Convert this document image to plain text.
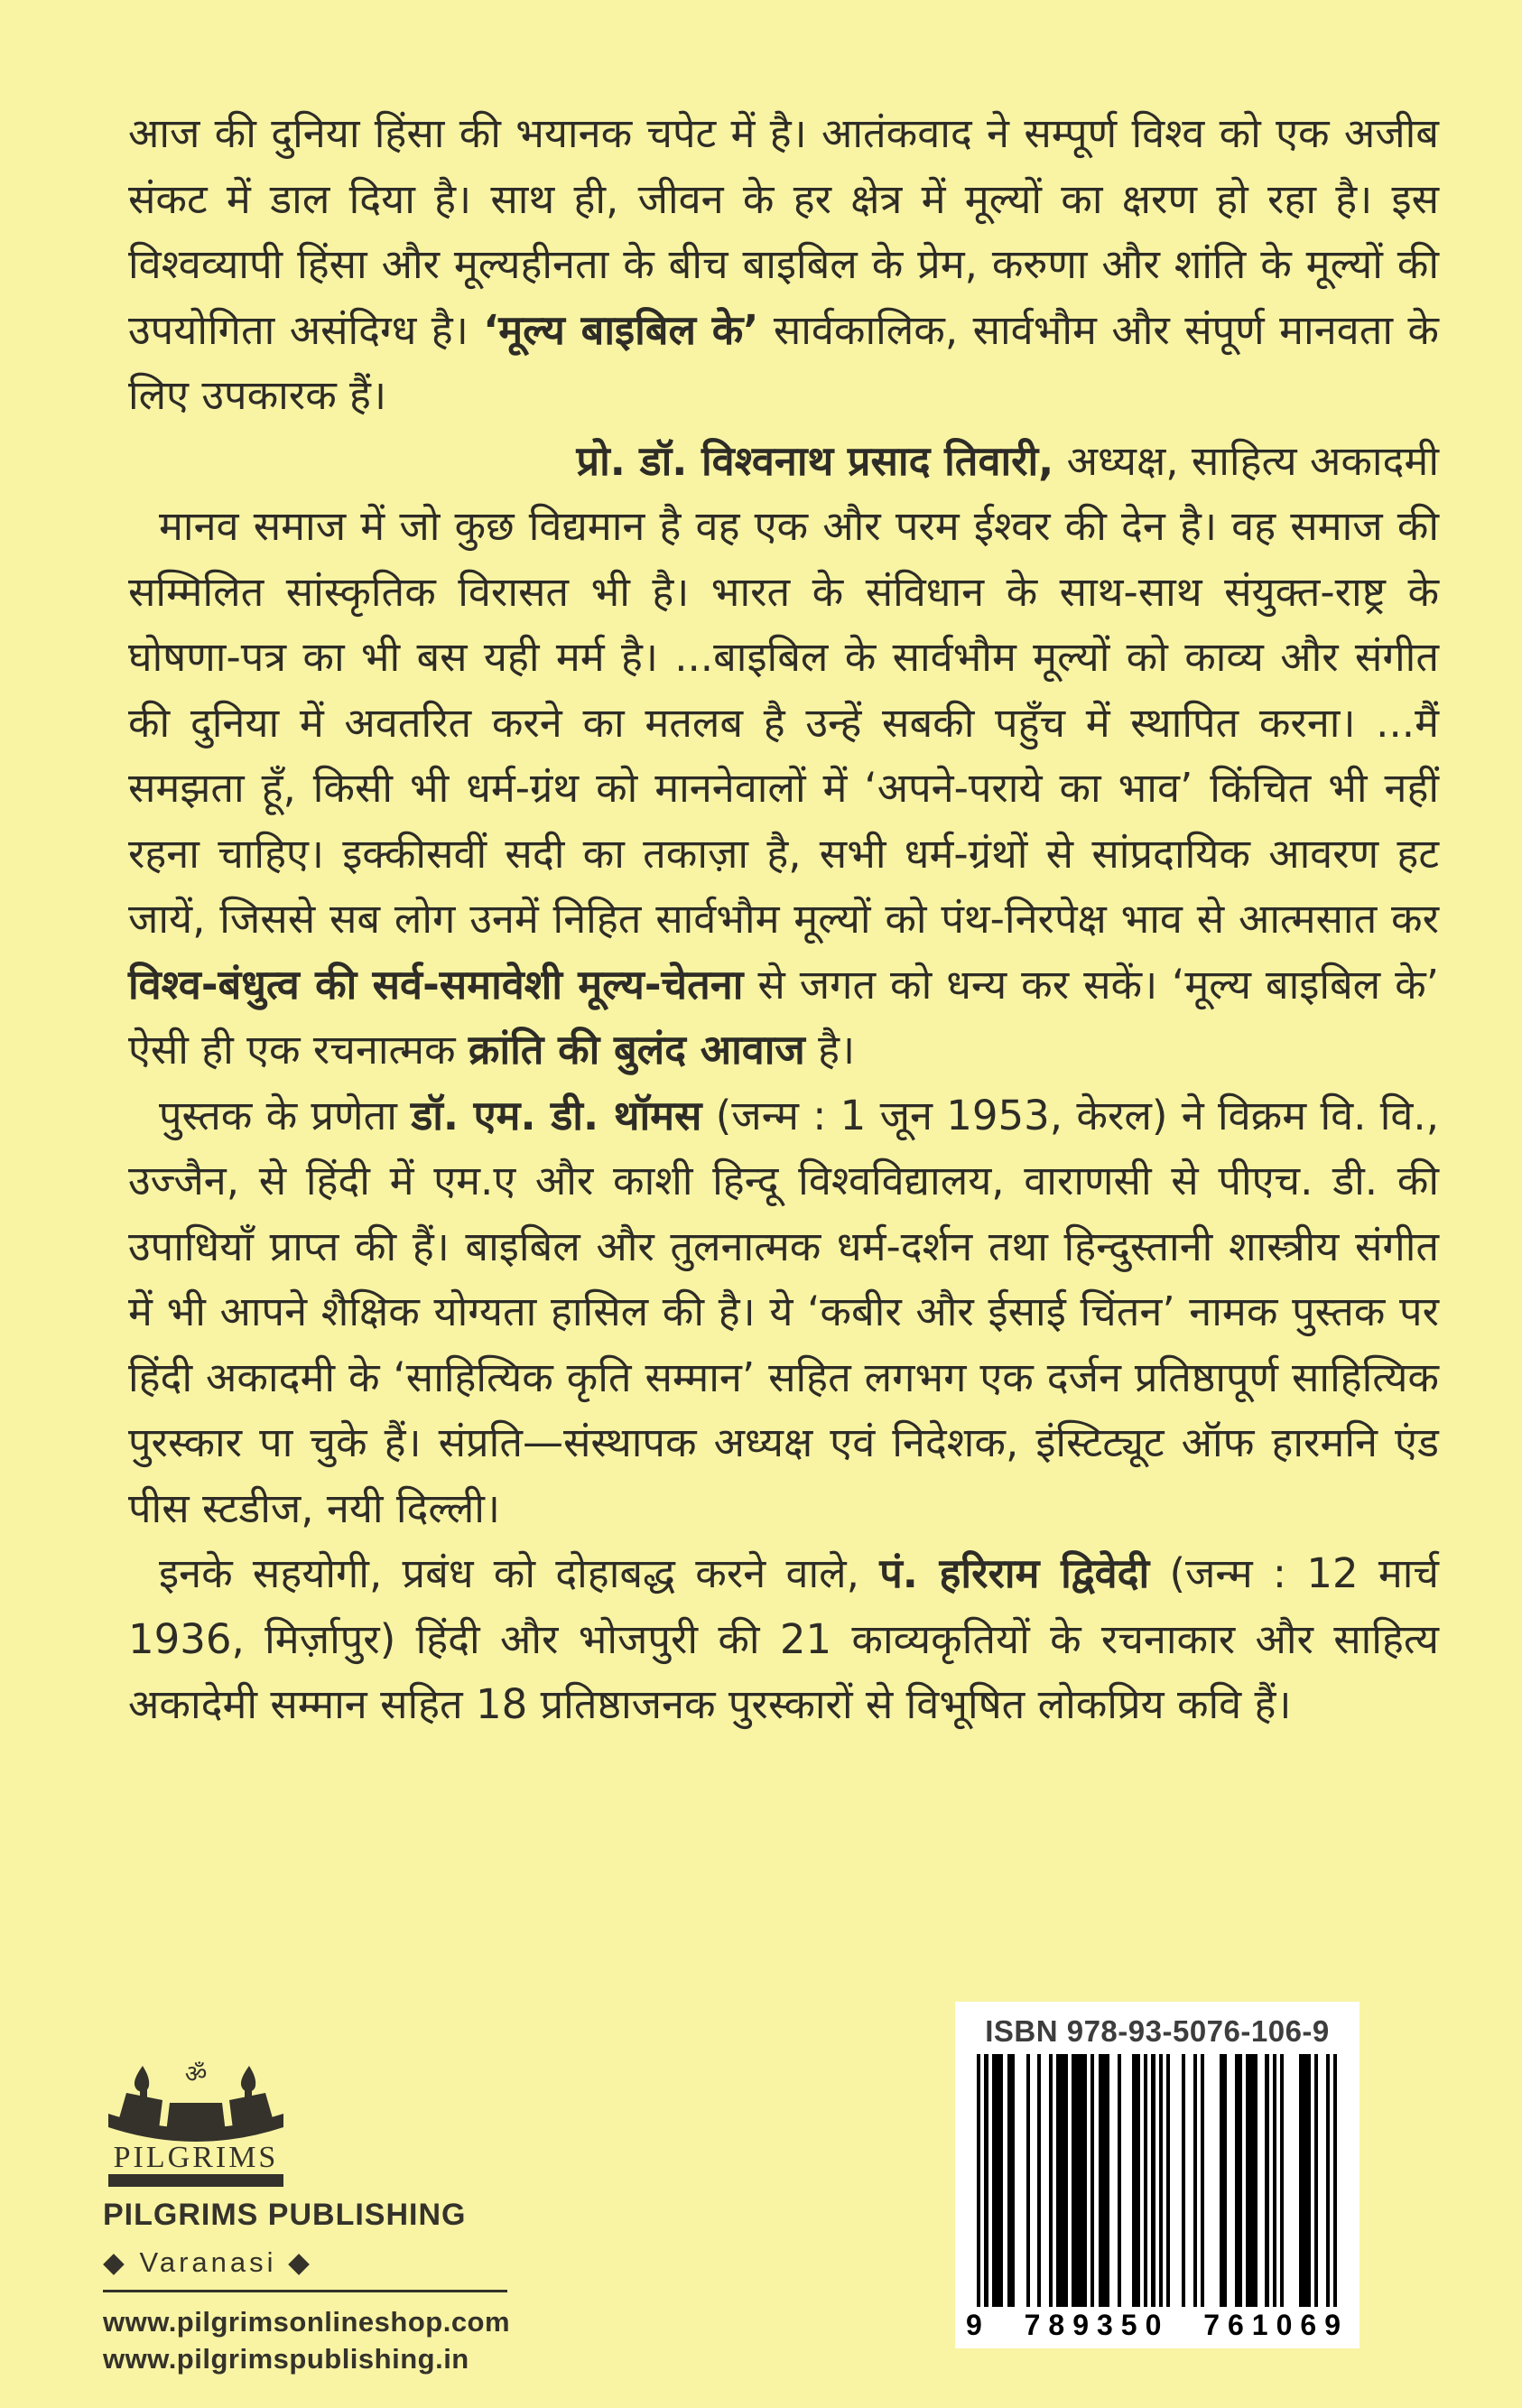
आज की दुनिया हिंसा की भयानक चपेट में है। आतंकवाद ने सम्पूर्ण विश्व को एक अजीब संकट में डाल दिया है। साथ ही, जीवन के हर क्षेत्र में मूल्यों का क्षरण हो रहा है। इस विश्वव्यापी हिंसा और मूल्यहीनता के बीच बाइबिल के प्रेम, करुणा और शांति के मूल्यों की उपयोगिता असंदिग्ध है। ‘मूल्य बाइबिल के’ सार्वकालिक, सार्वभौम और संपूर्ण मानवता के लिए उपकारक हैं।

प्रो. डॉ. विश्वनाथ प्रसाद तिवारी, अध्यक्ष, साहित्य अकादमी

मानव समाज में जो कुछ विद्यमान है वह एक और परम ईश्वर की देन है। वह समाज की सम्मिलित सांस्कृतिक विरासत भी है। भारत के संविधान के साथ-साथ संयुक्त-राष्ट्र के घोषणा-पत्र का भी बस यही मर्म है। ...बाइबिल के सार्वभौम मूल्यों को काव्य और संगीत की दुनिया में अवतरित करने का मतलब है उन्हें सबकी पहुँच में स्थापित करना। ...मैं समझता हूँ, किसी भी धर्म-ग्रंथ को माननेवालों में ‘अपने-पराये का भाव’ किंचित भी नहीं रहना चाहिए। इक्कीसवीं सदी का तकाज़ा है, सभी धर्म-ग्रंथों से सांप्रदायिक आवरण हट जायें, जिससे सब लोग उनमें निहित सार्वभौम मूल्यों को पंथ-निरपेक्ष भाव से आत्मसात कर विश्व-बंधुत्व की सर्व-समावेशी मूल्य-चेतना से जगत को धन्य कर सकें। ‘मूल्य बाइबिल के’ ऐसी ही एक रचनात्मक क्रांति की बुलंद आवाज है।

पुस्तक के प्रणेता डॉ. एम. डी. थॉमस (जन्म : 1 जून 1953, केरल) ने विक्रम वि. वि., उज्जैन, से हिंदी में एम.ए और काशी हिन्दू विश्वविद्यालय, वाराणसी से पीएच. डी. की उपाधियाँ प्राप्त की हैं। बाइबिल और तुलनात्मक धर्म-दर्शन तथा हिन्दुस्तानी शास्त्रीय संगीत में भी आपने शैक्षिक योग्यता हासिल की है। ये ‘कबीर और ईसाई चिंतन’ नामक पुस्तक पर हिंदी अकादमी के ‘साहित्यिक कृति सम्मान’ सहित लगभग एक दर्जन प्रतिष्ठापूर्ण साहित्यिक पुरस्कार पा चुके हैं। संप्रति—संस्थापक अध्यक्ष एवं निदेशक, इंस्टिट्यूट ऑफ हारमनि एंड पीस स्टडीज, नयी दिल्ली।

इनके सहयोगी, प्रबंध को दोहाबद्ध करने वाले, पं. हरिराम द्विवेदी (जन्म : 12 मार्च 1936, मिर्ज़ापुर) हिंदी और भोजपुरी की 21 काव्यकृतियों के रचनाकार और साहित्य अकादेमी सम्मान सहित 18 प्रतिष्ठाजनक पुरस्कारों से विभूषित लोकप्रिय कवि हैं।

ॐ
PILGRIMS
PILGRIMS PUBLISHING
◆ Varanasi ◆
www.pilgrimsonlineshop.com
www.pilgrimspublishing.in
ISBN 978-93-5076-106-9
9 789350 761069
